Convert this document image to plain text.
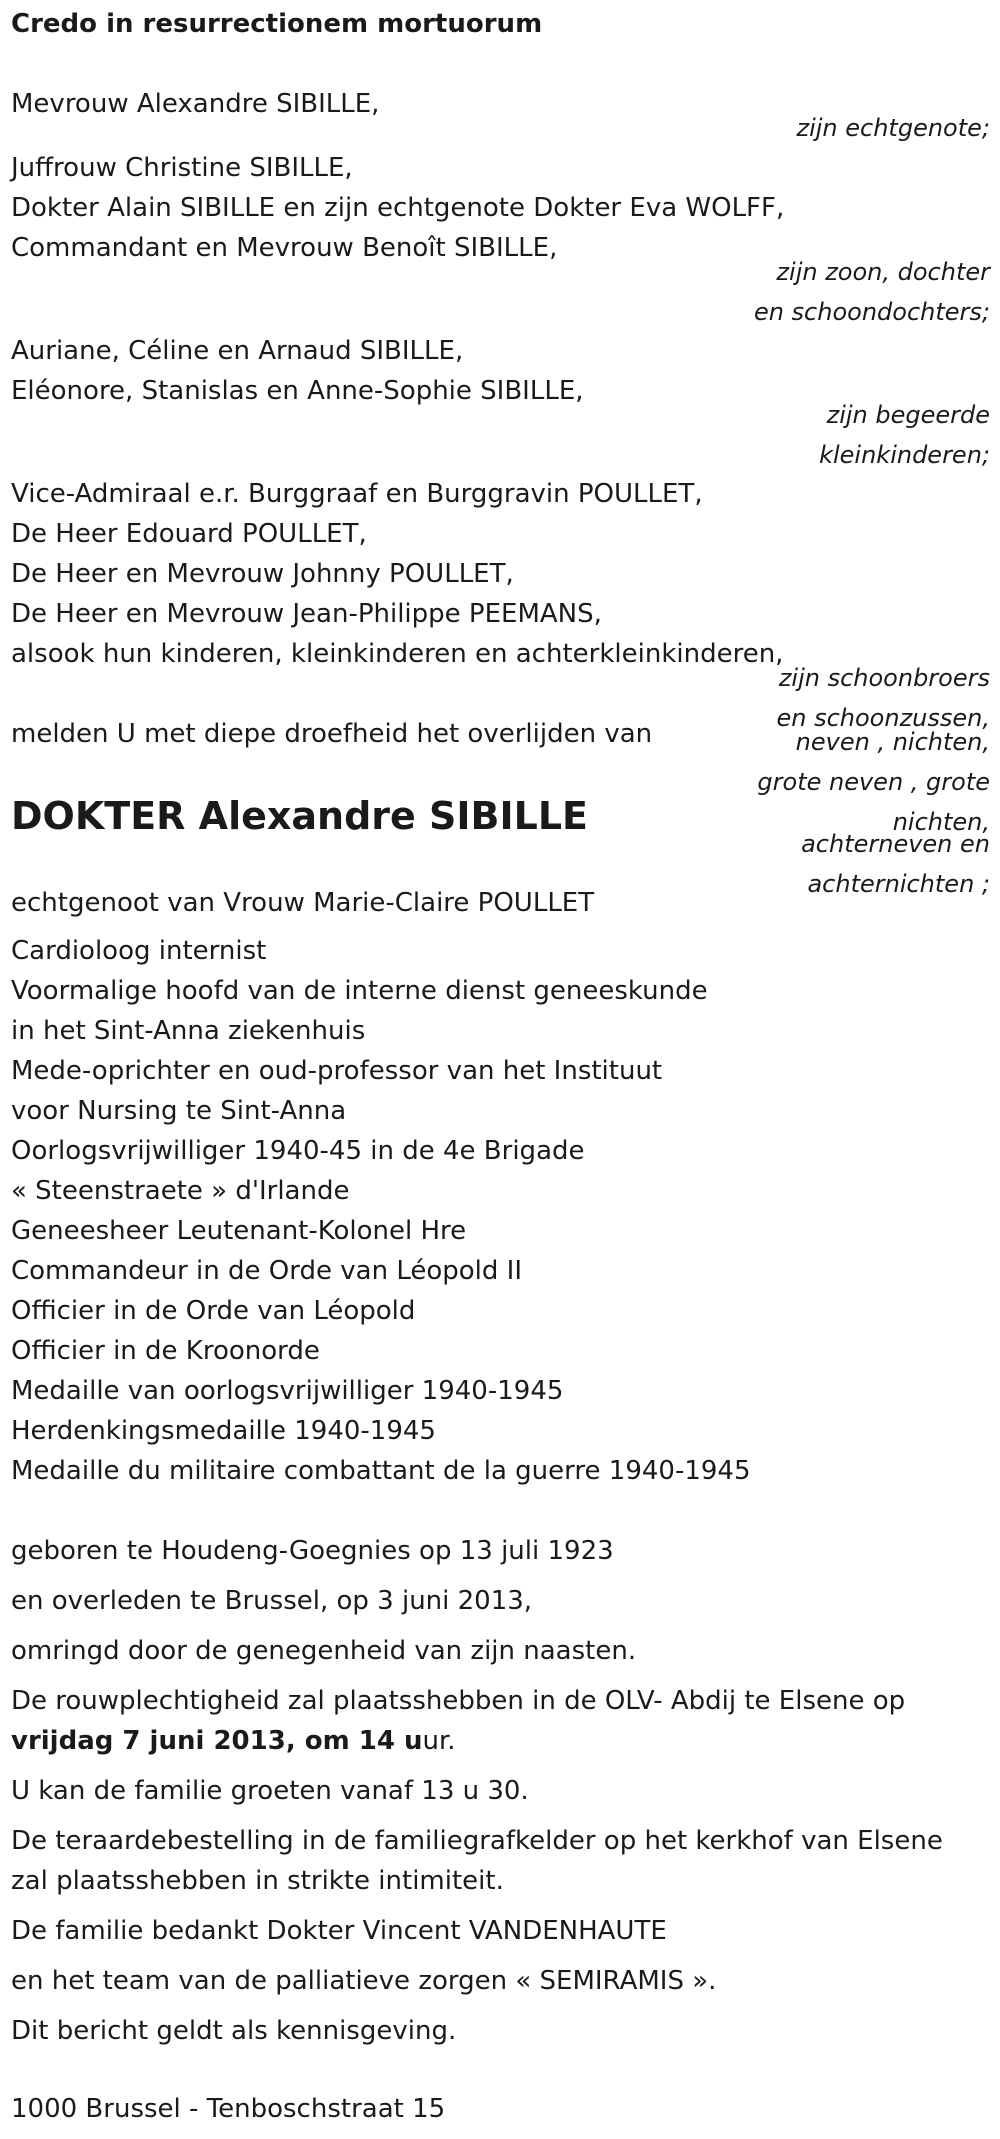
Credo in resurrectionem mortuorum
Mevrouw Alexandre SIBILLE,
zijn echtgenote;
Juffrouw Christine SIBILLE,
Dokter Alain SIBILLE en zijn echtgenote Dokter Eva WOLFF,
Commandant en Mevrouw Benoît SIBILLE,
zijn zoon, dochter
en schoondochters;
Auriane, Céline en Arnaud SIBILLE,
Eléonore, Stanislas en Anne-Sophie SIBILLE,
zijn begeerde
kleinkinderen;
Vice-Admiraal e.r. Burggraaf en Burggravin POULLET,
De Heer Edouard POULLET,
De Heer en Mevrouw Johnny POULLET,
De Heer en Mevrouw Jean-Philippe PEEMANS,
alsook hun kinderen, kleinkinderen en achterkleinkinderen,
zijn schoonbroers
en schoonzussen,
neven , nichten,
grote neven , grote
nichten,
achterneven en
achternichten ;
melden U met diepe droefheid het overlijden van
DOKTER Alexandre SIBILLE
echtgenoot van Vrouw Marie-Claire POULLET
Cardioloog internist
Voormalige hoofd van de interne dienst geneeskunde
in het Sint-Anna ziekenhuis
Mede-oprichter en oud-professor van het Instituut
voor Nursing te Sint-Anna
Oorlogsvrijwilliger 1940-45 in de 4e Brigade
« Steenstraete » d'Irlande
Geneesheer Leutenant-Kolonel Hre
Commandeur in de Orde van Léopold II
Officier in de Orde van Léopold
Officier in de Kroonorde
Medaille van oorlogsvrijwilliger 1940-1945
Herdenkingsmedaille 1940-1945
Medaille du militaire combattant de la guerre 1940-1945
geboren te Houdeng-Goegnies op 13 juli 1923
en overleden te Brussel, op 3 juni 2013,
omringd door de genegenheid van zijn naasten.
De rouwplechtigheid zal plaatsshebben in de OLV- Abdij te Elsene op
vrijdag 7 juni 2013, om 14 uur.
U kan de familie groeten vanaf 13 u 30.
De teraardebestelling in de familiegrafkelder op het kerkhof van Elsene
zal plaatsshebben in strikte intimiteit.
De familie bedankt Dokter Vincent VANDENHAUTE
en het team van de palliatieve zorgen « SEMIRAMIS ».
Dit bericht geldt als kennisgeving.
1000 Brussel - Tenboschstraat 15
